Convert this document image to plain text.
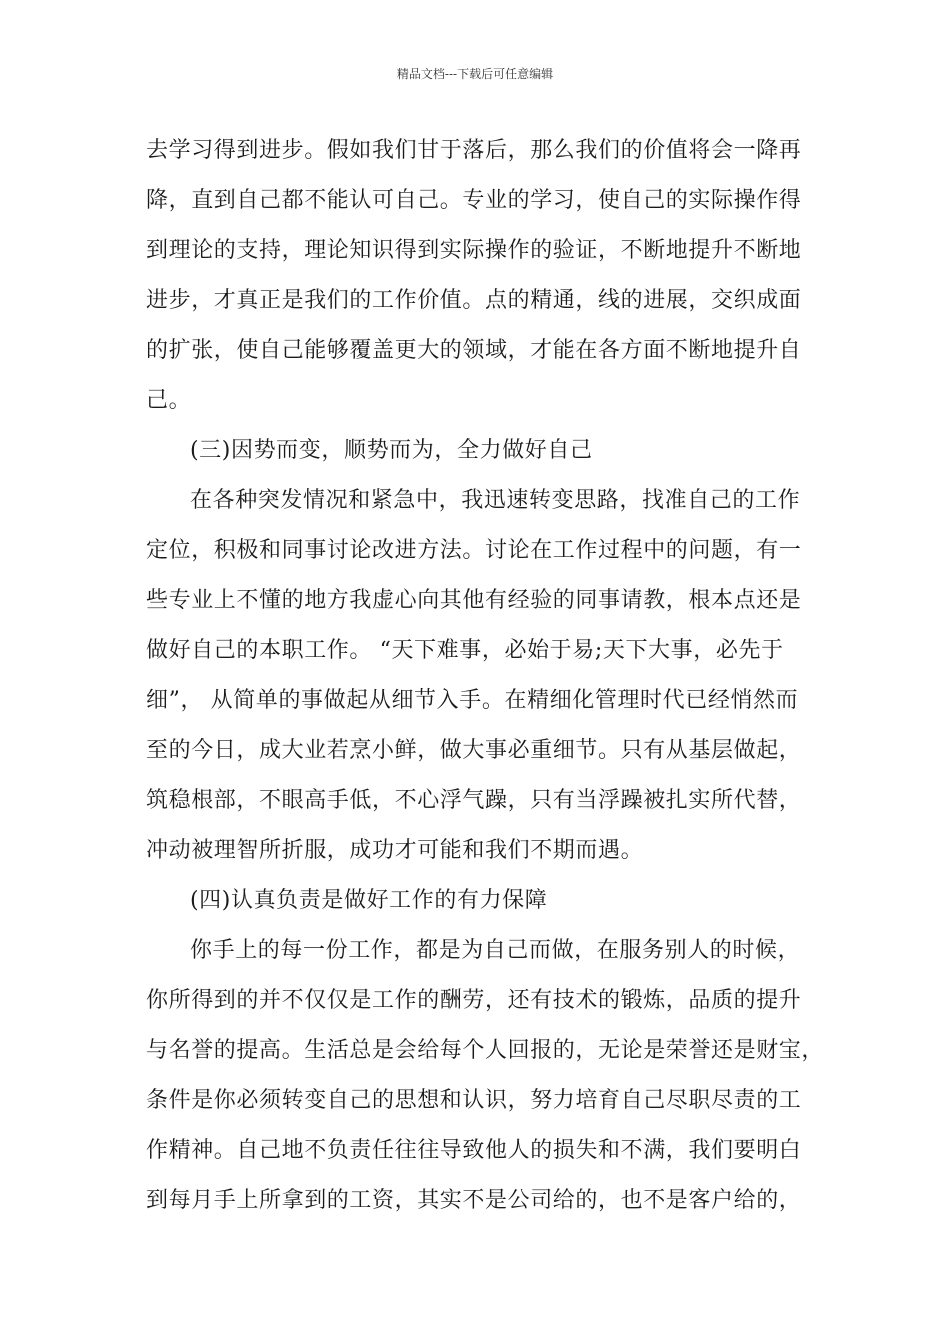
精品文档---下载后可任意编辑
去学习得到进步。假如我们甘于落后，那么我们的价值将会一降再
降，直到自己都不能认可自己。专业的学习，使自己的实际操作得
到理论的支持，理论知识得到实际操作的验证，不断地提升不断地
进步，才真正是我们的工作价值。点的精通，线的进展，交织成面
的扩张，使自己能够覆盖更大的领域，才能在各方面不断地提升自
己。
(三)因势而变，顺势而为，全力做好自己
在各种突发情况和紧急中，我迅速转变思路，找准自己的工作
定位，积极和同事讨论改进方法。讨论在工作过程中的问题，有一
些专业上不懂的地方我虚心向其他有经验的同事请教，根本点还是
做好自己的本职工作。 “天下难事，必始于易;天下大事，必先于
细”， 从简单的事做起从细节入手。在精细化管理时代已经悄然而
至的今日，成大业若烹小鲜，做大事必重细节。只有从基层做起，
筑稳根部，不眼高手低，不心浮气躁，只有当浮躁被扎实所代替，
冲动被理智所折服，成功才可能和我们不期而遇。
(四)认真负责是做好工作的有力保障
你手上的每一份工作，都是为自己而做，在服务别人的时候，
你所得到的并不仅仅是工作的酬劳，还有技术的锻炼，品质的提升
与名誉的提高。生活总是会给每个人回报的，无论是荣誉还是财宝，
条件是你必须转变自己的思想和认识，努力培育自己尽职尽责的工
作精神。自己地不负责任往往导致他人的损失和不满，我们要明白
到每月手上所拿到的工资，其实不是公司给的，也不是客户给的，
